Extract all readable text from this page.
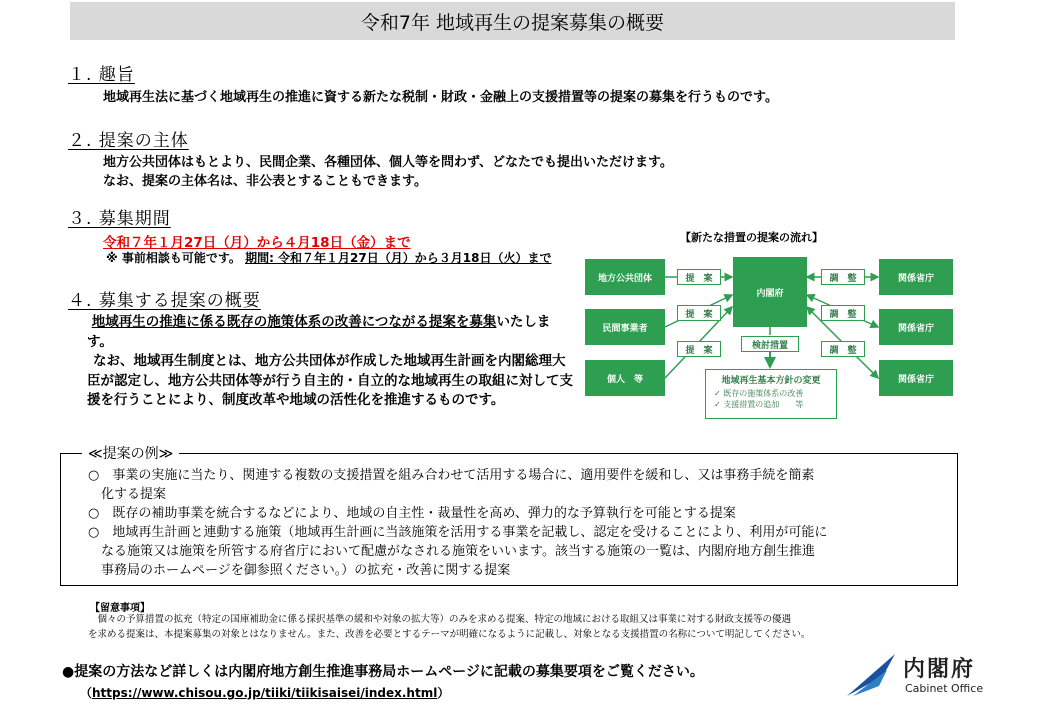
令和7年 地域再生の提案募集の概要
１. 趣旨
地域再生法に基づく地域再生の推進に資する新たな税制・財政・金融上の支援措置等の提案の募集を行うものです。
２. 提案の主体
地方公共団体はもとより、民間企業、各種団体、個人等を問わず、どなたでも提出いただけます。
なお、提案の主体名は、非公表とすることもできます。
３. 募集期間
令和７年１月27日（月）から４月18日（金）まで
※ 事前相談も可能です。 期間: 令和７年１月27日（月）から３月18日（火）まで
４. 募集する提案の概要
地域再生の推進に係る既存の施策体系の改善につながる提案を募集いたします。
なお、地域再生制度とは、地方公共団体が作成した地域再生計画を内閣総理大臣が認定し、地方公共団体等が行う自主的・自立的な地域再生の取組に対して支援を行うことにより、制度改革や地域の活性化を推進するものです。
【新たな措置の提案の流れ】
地方公共団体
民間事業者
個人　等
提　案
提　案
提　案
内閣府
検討措置
調　整
調　整
調　整
関係省庁
関係省庁
関係省庁
地域再生基本方針の変更
✓ 既存の施策体系の改善
✓ 支援措置の追加　　等
≪提案の例≫
○　事業の実施に当たり、関連する複数の支援措置を組み合わせて活用する場合に、適用要件を緩和し、又は事務手続を簡素
　化する提案
○　既存の補助事業を統合するなどにより、地域の自主性・裁量性を高め、弾力的な予算執行を可能とする提案
○　地域再生計画と連動する施策（地域再生計画に当該施策を活用する事業を記載し、認定を受けることにより、利用が可能に
　なる施策又は施策を所管する府省庁において配慮がなされる施策をいいます。該当する施策の一覧は、内閣府地方創生推進
　事務局のホームページを御参照ください。）の拡充・改善に関する提案
【留意事項】
　個々の予算措置の拡充（特定の国庫補助金に係る採択基準の緩和や対象の拡大等）のみを求める提案、特定の地域における取組又は事業に対する財政支援等の優遇
を求める提案は、本提案募集の対象とはなりません。また、改善を必要とするテーマが明確になるように記載し、対象となる支援措置の名称について明記してください。
●提案の方法など詳しくは内閣府地方創生推進事務局ホームページに記載の募集要項をご覧ください。
（https://www.chisou.go.jp/tiiki/tiikisaisei/index.html）
内閣府
Cabinet Office
